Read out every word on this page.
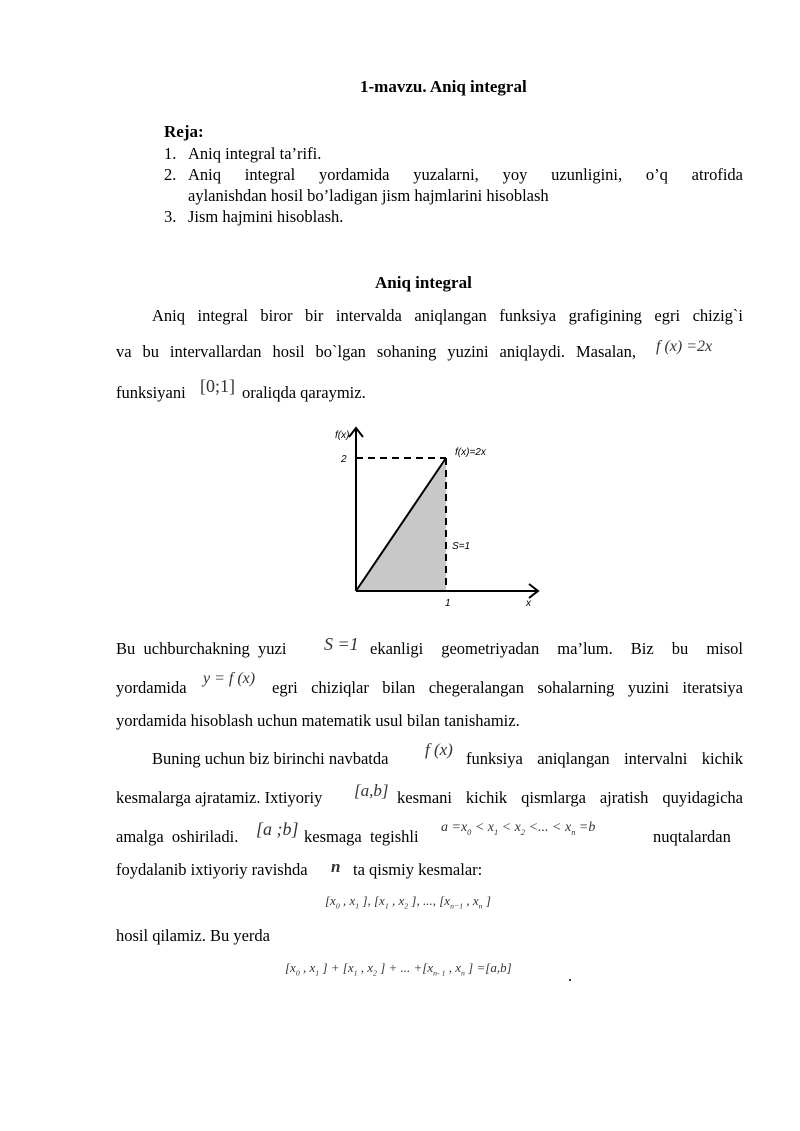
1-mavzu. Aniq integral
Reja:
1. Aniq integral ta’rifi.
2. Aniq integral yordamida yuzalarni, yoy uzunligini, o’q atrofida
aylanishdan hosil bo’ladigan jism hajmlarini hisoblash
3. Jism hajmini hisoblash.
Aniq integral
Aniq integral biror bir intervalda aniqlangan funksiya grafigining egri chizig`i
va bu intervallardan hosil bo`lgan sohaning yuzini aniqlaydi. Masalan, f (x) =2x
funksiyani [0;1] oraliqda qaraymiz.
f(x)
2
f(x)=2x
S=1
1	x
Bu  uchburchakning  yuzi S =1 ekanligi geometriyadan ma’lum. Biz bu misol
yordamida y = f (x) egri chiziqlar bilan chegeralangan sohalarning yuzini iteratsiya
yordamida hisoblash uchun matematik usul bilan tanishamiz.
Buning uchun biz birinchi navbatda f (x) funksiya aniqlangan intervalni kichik
kesmalarga ajratamiz. Ixtiyoriy [a,b] kesmani kichik qismlarga ajratish quyidagicha
amalga  oshiriladi. [a ;b] kesmaga  tegishli $a =x_0 < x_1 < x_2$ <... < $x_n =b$	nuqtalardan
foydalanib ixtiyoriy ravishda n ta qismiy kesmalar:
[$x_0$ , $x_1$ ], [$x_1$ , $x_2$ ], ..., [$x_{n-1}$ , $x_n$ ]
hosil qilamiz. Bu yerda
[$x_0$ , $x_1$ ] + [$x_1$ , $x_2$ ] + ... $+[x_{n- 1}$ , $x_n$ ] =[a,b]	.
